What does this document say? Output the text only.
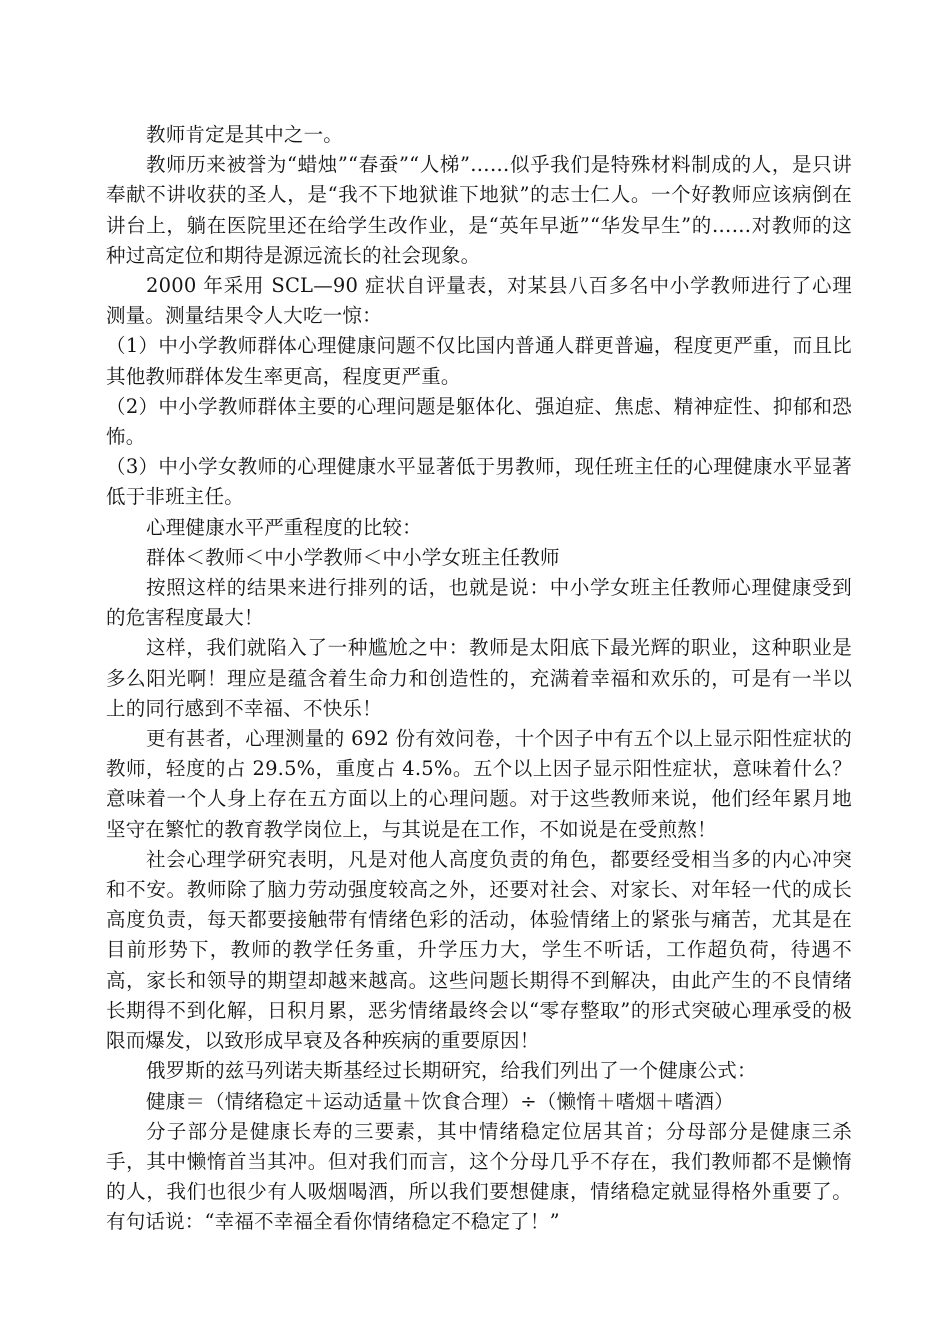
教师肯定是其中之一。

教师历来被誉为“蜡烛”“春蚕”“人梯”……似乎我们是特殊材料制成的人，是只讲奉献不讲收获的圣人，是“我不下地狱谁下地狱”的志士仁人。一个好教师应该病倒在讲台上，躺在医院里还在给学生改作业，是“英年早逝”“华发早生”的……对教师的这种过高定位和期待是源远流长的社会现象。

2000 年采用 SCL—90 症状自评量表，对某县八百多名中小学教师进行了心理测量。测量结果令人大吃一惊：

（1）中小学教师群体心理健康问题不仅比国内普通人群更普遍，程度更严重，而且比其他教师群体发生率更高，程度更严重。

（2）中小学教师群体主要的心理问题是躯体化、强迫症、焦虑、精神症性、抑郁和恐怖。

（3）中小学女教师的心理健康水平显著低于男教师，现任班主任的心理健康水平显著低于非班主任。

心理健康水平严重程度的比较：

群体＜教师＜中小学教师＜中小学女班主任教师

按照这样的结果来进行排列的话，也就是说：中小学女班主任教师心理健康受到的危害程度最大！

这样，我们就陷入了一种尴尬之中：教师是太阳底下最光辉的职业，这种职业是多么阳光啊！理应是蕴含着生命力和创造性的，充满着幸福和欢乐的，可是有一半以上的同行感到不幸福、不快乐！

更有甚者，心理测量的 692 份有效问卷，十个因子中有五个以上显示阳性症状的教师，轻度的占 29.5%，重度占 4.5%。五个以上因子显示阳性症状，意味着什么？意味着一个人身上存在五方面以上的心理问题。对于这些教师来说，他们经年累月地坚守在繁忙的教育教学岗位上，与其说是在工作，不如说是在受煎熬！

社会心理学研究表明，凡是对他人高度负责的角色，都要经受相当多的内心冲突和不安。教师除了脑力劳动强度较高之外，还要对社会、对家长、对年轻一代的成长高度负责，每天都要接触带有情绪色彩的活动，体验情绪上的紧张与痛苦，尤其是在目前形势下，教师的教学任务重，升学压力大，学生不听话，工作超负荷，待遇不高，家长和领导的期望却越来越高。这些问题长期得不到解决，由此产生的不良情绪长期得不到化解，日积月累，恶劣情绪最终会以“零存整取”的形式突破心理承受的极限而爆发，以致形成早衰及各种疾病的重要原因！

俄罗斯的兹马列诺夫斯基经过长期研究，给我们列出了一个健康公式：

健康＝（情绪稳定＋运动适量＋饮食合理）÷（懒惰＋嗜烟＋嗜酒）

分子部分是健康长寿的三要素，其中情绪稳定位居其首；分母部分是健康三杀手，其中懒惰首当其冲。但对我们而言，这个分母几乎不存在，我们教师都不是懒惰的人，我们也很少有人吸烟喝酒，所以我们要想健康，情绪稳定就显得格外重要了。有句话说：“幸福不幸福全看你情绪稳定不稳定了！”
